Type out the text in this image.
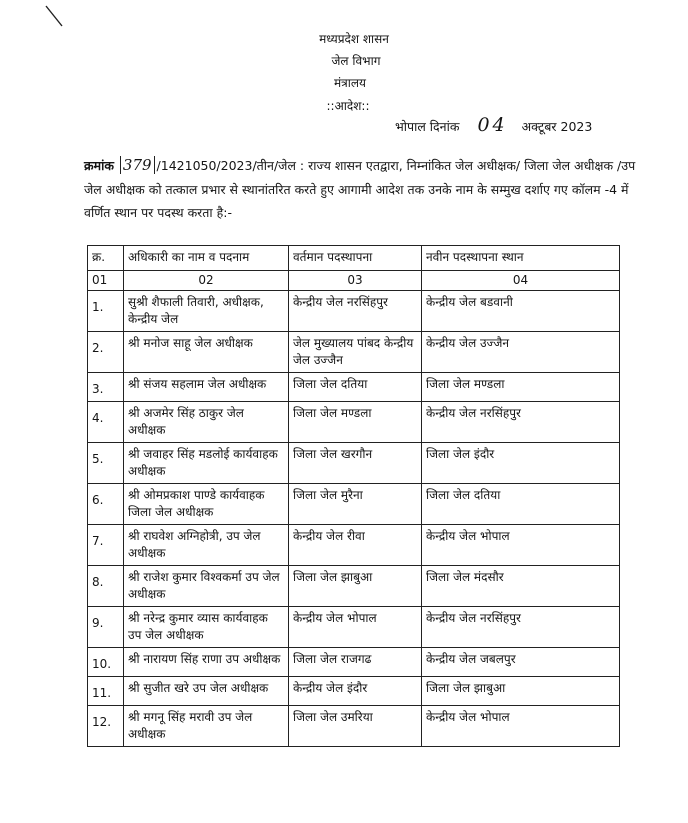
मध्यप्रदेश शासन
जेल विभाग
मंत्रालय
::आदेश::
भोपाल दिनांक 04 अक्टूबर 2023
क्रमांक 379 /1421050/2023/तीन/जेल : राज्य शासन एतद्वारा, निम्नांकित जेल अधीक्षक/ जिला जेल अधीक्षक /उप जेल अधीक्षक को तत्काल प्रभार से स्थानांतरित करते हुए आगामी आदेश तक उनके नाम के सम्मुख दर्शाए गए कॉलम -4 में वर्णित स्थान पर पदस्थ करता है:-
क्र.	अधिकारी का नाम व पदनाम	वर्तमान पदस्थापना	नवीन पदस्थापना स्थान
01	02	03	04
1.	सुश्री शैफाली तिवारी, अधीक्षक, केन्द्रीय जेल	केन्द्रीय जेल नरसिंहपुर	केन्द्रीय जेल बडवानी
2.	श्री मनोज साहू जेल अधीक्षक	जेल मुख्यालय पांबद केन्द्रीय जेल उज्जैन	केन्द्रीय जेल उज्जैन
3.	श्री संजय सहलाम जेल अधीक्षक	जिला जेल दतिया	जिला जेल मण्डला
4.	श्री अजमेर सिंह ठाकुर जेल अधीक्षक	जिला जेल मण्डला	केन्द्रीय जेल नरसिंहपुर
5.	श्री जवाहर सिंह मडलोई कार्यवाहक अधीक्षक	जिला जेल खरगौन	जिला जेल इंदौर
6.	श्री ओमप्रकाश पाण्डे कार्यवाहक जिला जेल अधीक्षक	जिला जेल मुरैना	जिला जेल दतिया
7.	श्री राघवेश अग्निहोत्री, उप जेल अधीक्षक	केन्द्रीय जेल रीवा	केन्द्रीय जेल भोपाल
8.	श्री राजेश कुमार विश्वकर्मा उप जेल अधीक्षक	जिला जेल झाबुआ	जिला जेल मंदसौर
9.	श्री नरेन्द्र कुमार व्यास कार्यवाहक उप जेल अधीक्षक	केन्द्रीय जेल भोपाल	केन्द्रीय जेल नरसिंहपुर
10.	श्री नारायण सिंह राणा उप अधीक्षक	जिला जेल राजगढ	केन्द्रीय जेल जबलपुर
11.	श्री सुजीत खरे उप जेल अधीक्षक	केन्द्रीय जेल इंदौर	जिला जेल झाबुआ
12.	श्री मगनू सिंह मरावी उप जेल अधीक्षक	जिला जेल उमरिया	केन्द्रीय जेल भोपाल
